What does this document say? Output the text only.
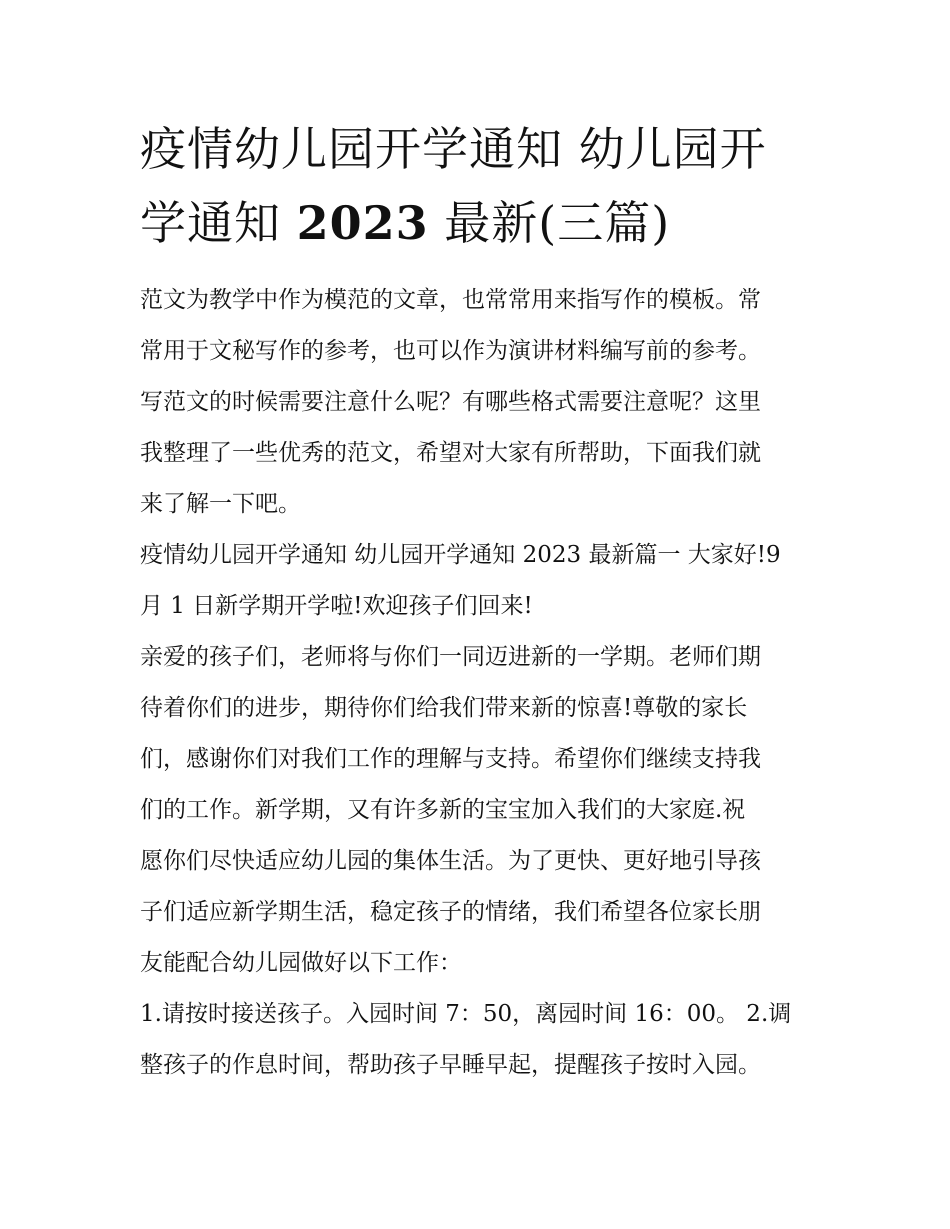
疫情幼儿园开学通知 幼儿园开
学通知 2023 最新(三篇)
范文为教学中作为模范的文章，也常常用来指写作的模板。常
常用于文秘写作的参考，也可以作为演讲材料编写前的参考。
写范文的时候需要注意什么呢？有哪些格式需要注意呢？这里
我整理了一些优秀的范文，希望对大家有所帮助，下面我们就
来了解一下吧。
疫情幼儿园开学通知 幼儿园开学通知 2023 最新篇一 大家好!9
月 1 日新学期开学啦!欢迎孩子们回来!
亲爱的孩子们，老师将与你们一同迈进新的一学期。老师们期
待着你们的进步，期待你们给我们带来新的惊喜!尊敬的家长
们，感谢你们对我们工作的理解与支持。希望你们继续支持我
们的工作。新学期，又有许多新的宝宝加入我们的大家庭.祝
愿你们尽快适应幼儿园的集体生活。为了更快、更好地引导孩
子们适应新学期生活，稳定孩子的情绪，我们希望各位家长朋
友能配合幼儿园做好以下工作：
1.请按时接送孩子。入园时间 7：50，离园时间 16：00。 2.调
整孩子的作息时间，帮助孩子早睡早起，提醒孩子按时入园。
